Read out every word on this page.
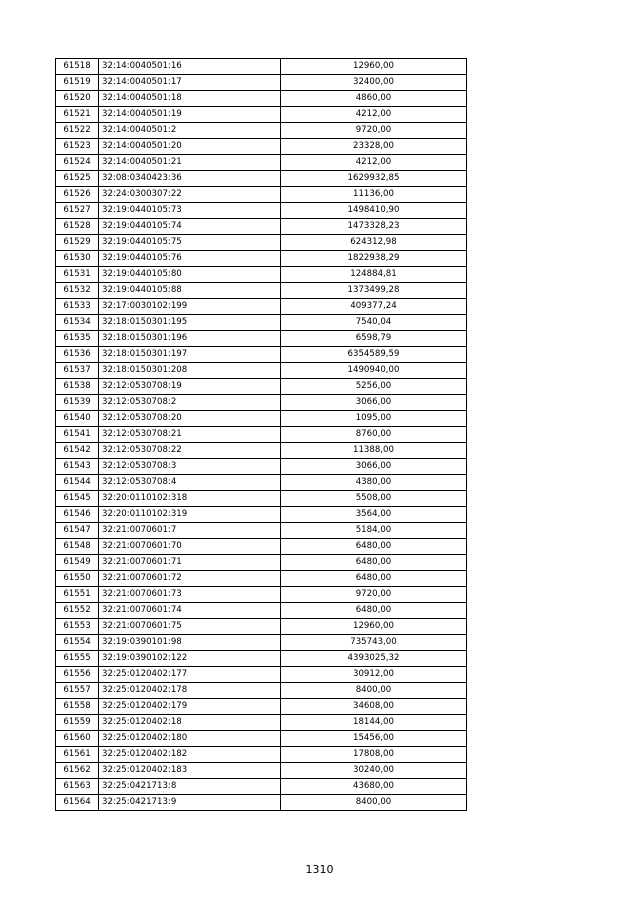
61518	32:14:0040501:16	12960,00
61519	32:14:0040501:17	32400,00
61520	32:14:0040501:18	4860,00
61521	32:14:0040501:19	4212,00
61522	32:14:0040501:2	9720,00
61523	32:14:0040501:20	23328,00
61524	32:14:0040501:21	4212,00
61525	32:08:0340423:36	1629932,85
61526	32:24:0300307:22	11136,00
61527	32:19:0440105:73	1498410,90
61528	32:19:0440105:74	1473328,23
61529	32:19:0440105:75	624312,98
61530	32:19:0440105:76	1822938,29
61531	32:19:0440105:80	124884,81
61532	32:19:0440105:88	1373499,28
61533	32:17:0030102:199	409377,24
61534	32:18:0150301:195	7540,04
61535	32:18:0150301:196	6598,79
61536	32:18:0150301:197	6354589,59
61537	32:18:0150301:208	1490940,00
61538	32:12:0530708:19	5256,00
61539	32:12:0530708:2	3066,00
61540	32:12:0530708:20	1095,00
61541	32:12:0530708:21	8760,00
61542	32:12:0530708:22	11388,00
61543	32:12:0530708:3	3066,00
61544	32:12:0530708:4	4380,00
61545	32:20:0110102:318	5508,00
61546	32:20:0110102:319	3564,00
61547	32:21:0070601:7	5184,00
61548	32:21:0070601:70	6480,00
61549	32:21:0070601:71	6480,00
61550	32:21:0070601:72	6480,00
61551	32:21:0070601:73	9720,00
61552	32:21:0070601:74	6480,00
61553	32:21:0070601:75	12960,00
61554	32:19:0390101:98	735743,00
61555	32:19:0390102:122	4393025,32
61556	32:25:0120402:177	30912,00
61557	32:25:0120402:178	8400,00
61558	32:25:0120402:179	34608,00
61559	32:25:0120402:18	18144,00
61560	32:25:0120402:180	15456,00
61561	32:25:0120402:182	17808,00
61562	32:25:0120402:183	30240,00
61563	32:25:0421713:8	43680,00
61564	32:25:0421713:9	8400,00
1310
